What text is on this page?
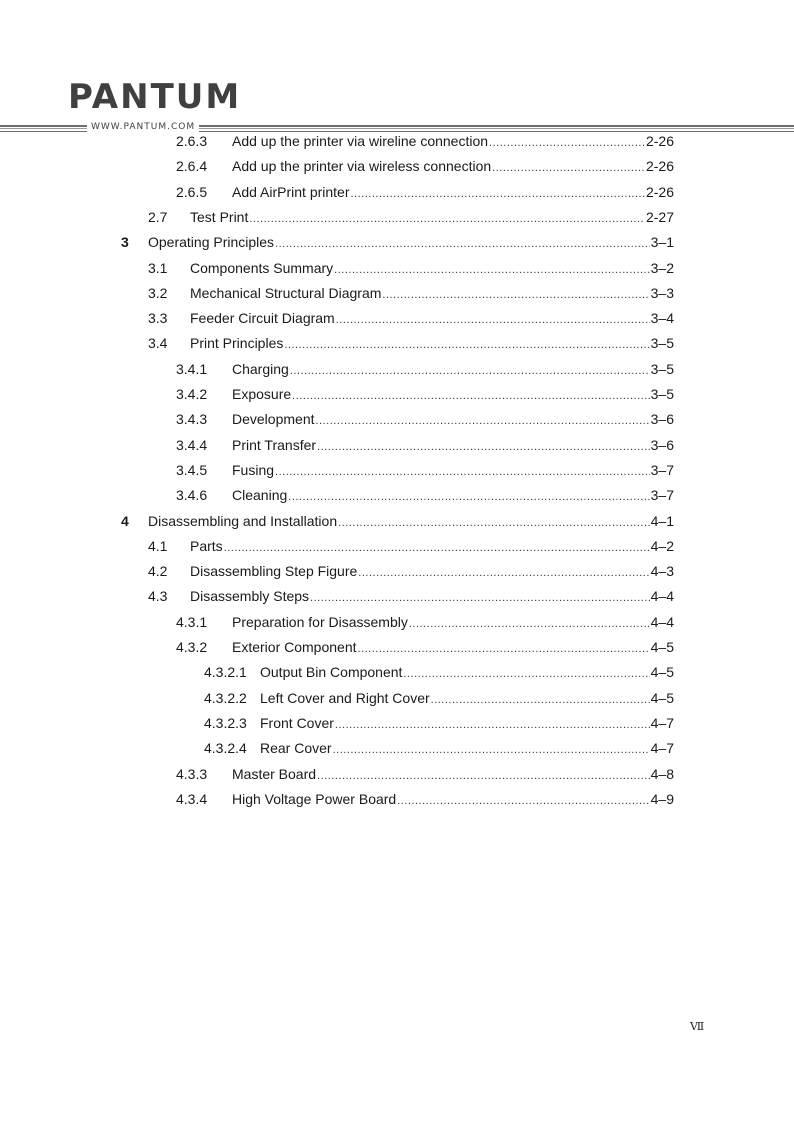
PANTUM
WWW.PANTUM.COM
2.6.3	Add up the printer via wireline connection .....	2-26
2.6.4	Add up the printer via wireless connection .....	2-26
2.6.5	Add AirPrint printer .....	2-26
2.7	Test Print .....	2-27
3	Operating Principles .....	3–1
3.1	Components Summary .....	3–2
3.2	Mechanical Structural Diagram .....	3–3
3.3	Feeder Circuit Diagram .....	3–4
3.4	Print Principles .....	3–5
3.4.1	Charging .....	3–5
3.4.2	Exposure .....	3–5
3.4.3	Development .....	3–6
3.4.4	Print Transfer .....	3–6
3.4.5	Fusing .....	3–7
3.4.6	Cleaning .....	3–7
4	Disassembling and Installation .....	4–1
4.1	Parts .....	4–2
4.2	Disassembling Step Figure .....	4–3
4.3	Disassembly Steps .....	4–4
4.3.1	Preparation for Disassembly .....	4–4
4.3.2	Exterior Component .....	4–5
4.3.2.1 Output Bin Component .....	4–5
4.3.2.2 Left Cover and Right Cover .....	4–5
4.3.2.3 Front Cover .....	4–7
4.3.2.4 Rear Cover .....	4–7
4.3.3	Master Board .....	4–8
4.3.4	High Voltage Power Board .....	4–9
Ⅶ
